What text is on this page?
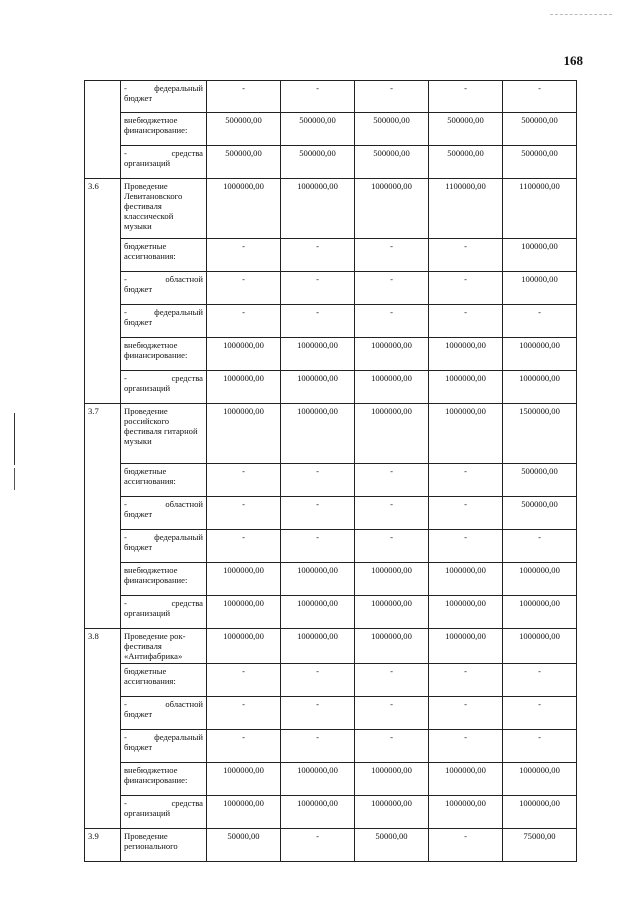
168

	- федеральный
бюджет	-	-	-	-	-
	внебюджетное финансирование:	500000,00	500000,00	500000,00	500000,00	500000,00

	- средства
организаций	500000,00	500000,00	500000,00	500000,00	500000,00
3.6	Проведение Левитановского фестиваля классической музыки	1000000,00	1000000,00	1000000,00	1100000,00	1100000,00
	бюджетные ассигнования:	-	-	-	-	100000,00

	- областной
бюджет	-	-	-	-	100000,00

	- федеральный
бюджет	-	-	-	-	-
	внебюджетное финансирование:	1000000,00	1000000,00	1000000,00	1000000,00	1000000,00

	- средства
организаций	1000000,00	1000000,00	1000000,00	1000000,00	1000000,00
3.7	Проведение российского фестиваля гитарной музыки	1000000,00	1000000,00	1000000,00	1000000,00	1500000,00
	бюджетные ассигнования:	-	-	-	-	500000,00

	- областной
бюджет	-	-	-	-	500000,00

	- федеральный
бюджет	-	-	-	-	-
	внебюджетное финансирование:	1000000,00	1000000,00	1000000,00	1000000,00	1000000,00

	- средства
организаций	1000000,00	1000000,00	1000000,00	1000000,00	1000000,00
3.8	Проведение рок-фестиваля «Антифабрика»	1000000,00	1000000,00	1000000,00	1000000,00	1000000,00
	бюджетные ассигнования:	-	-	-	-	-

	- областной
бюджет	-	-	-	-	-

	- федеральный
бюджет	-	-	-	-	-
	внебюджетное финансирование:	1000000,00	1000000,00	1000000,00	1000000,00	1000000,00

	- средства
организаций	1000000,00	1000000,00	1000000,00	1000000,00	1000000,00
3.9	Проведение регионального	50000,00	-	50000,00	-	75000,00
